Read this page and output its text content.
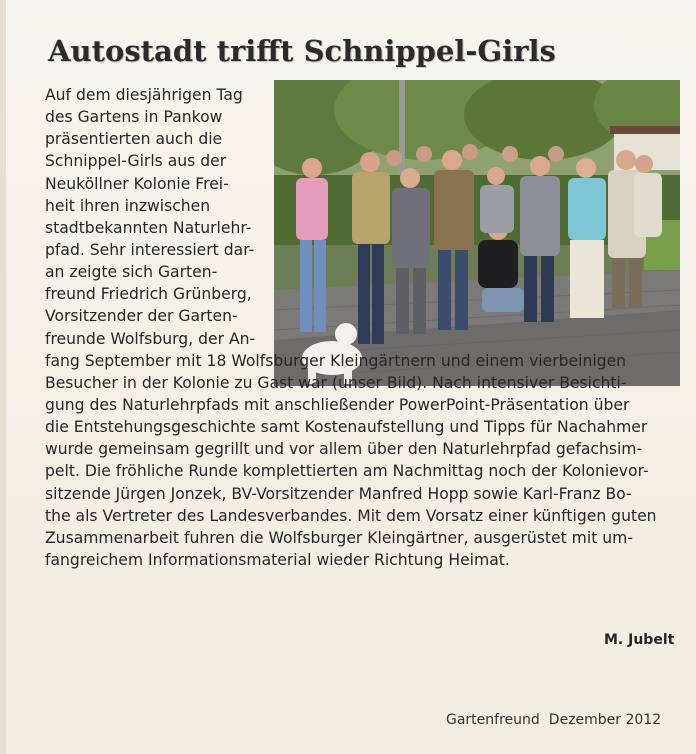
Autostadt trifft Schnippel-Girls
Auf dem diesjährigen Tag
des Gartens in Pankow
präsentierten auch die
Schnippel-Girls aus der
Neuköllner Kolonie Frei-
heit ihren inzwischen
stadtbekannten Naturlehr-
pfad. Sehr interessiert dar-
an zeigte sich Garten-
freund Friedrich Grünberg,
Vorsitzender der Garten-
freunde Wolfsburg, der An-
fang September mit 18 Wolfsburger Kleingärtnern und einem vierbeinigen
Besucher in der Kolonie zu Gast war (unser Bild). Nach intensiver Besichti-
gung des Naturlehrpfads mit anschließender PowerPoint-Präsentation über
die Entstehungsgeschichte samt Kostenaufstellung und Tipps für Nachahmer
wurde gemeinsam gegrillt und vor allem über den Naturlehrpfad gefachsim-
pelt. Die fröhliche Runde komplettierten am Nachmittag noch der Kolonievor-
sitzende Jürgen Jonzek, BV-Vorsitzender Manfred Hopp sowie Karl-Franz Bo-
the als Vertreter des Landesverbandes. Mit dem Vorsatz einer künftigen guten
Zusammenarbeit fuhren die Wolfsburger Kleingärtner, ausgerüstet mit um-
fangreichem Informationsmaterial wieder Richtung Heimat.
M. Jubelt
Gartenfreund Dezember 2012
